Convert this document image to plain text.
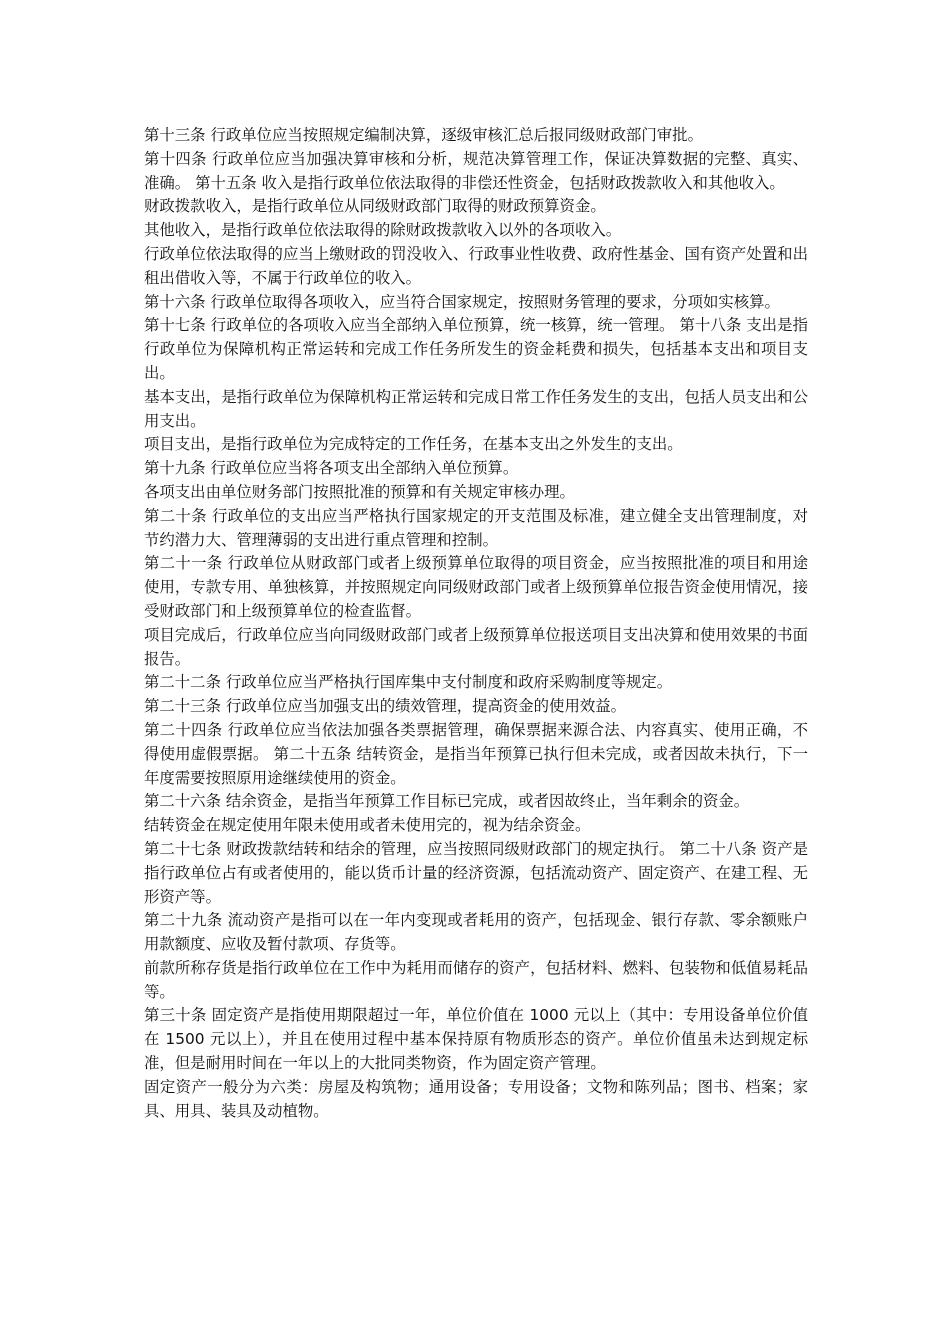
第十三条 行政单位应当按照规定编制决算，逐级审核汇总后报同级财政部门审批。

第十四条 行政单位应当加强决算审核和分析，规范决算管理工作，保证决算数据的完整、真实、准确。 第十五条 收入是指行政单位依法取得的非偿还性资金，包括财政拨款收入和其他收入。

财政拨款收入，是指行政单位从同级财政部门取得的财政预算资金。

其他收入，是指行政单位依法取得的除财政拨款收入以外的各项收入。

行政单位依法取得的应当上缴财政的罚没收入、行政事业性收费、政府性基金、国有资产处置和出租出借收入等，不属于行政单位的收入。

第十六条 行政单位取得各项收入，应当符合国家规定，按照财务管理的要求，分项如实核算。

第十七条 行政单位的各项收入应当全部纳入单位预算，统一核算，统一管理。 第十八条 支出是指行政单位为保障机构正常运转和完成工作任务所发生的资金耗费和损失，包括基本支出和项目支出。

基本支出，是指行政单位为保障机构正常运转和完成日常工作任务发生的支出，包括人员支出和公用支出。

项目支出，是指行政单位为完成特定的工作任务，在基本支出之外发生的支出。

第十九条 行政单位应当将各项支出全部纳入单位预算。

各项支出由单位财务部门按照批准的预算和有关规定审核办理。

第二十条 行政单位的支出应当严格执行国家规定的开支范围及标准，建立健全支出管理制度，对节约潜力大、管理薄弱的支出进行重点管理和控制。

第二十一条 行政单位从财政部门或者上级预算单位取得的项目资金，应当按照批准的项目和用途使用，专款专用、单独核算，并按照规定向同级财政部门或者上级预算单位报告资金使用情况，接受财政部门和上级预算单位的检查监督。

项目完成后，行政单位应当向同级财政部门或者上级预算单位报送项目支出决算和使用效果的书面报告。

第二十二条 行政单位应当严格执行国库集中支付制度和政府采购制度等规定。

第二十三条 行政单位应当加强支出的绩效管理，提高资金的使用效益。

第二十四条 行政单位应当依法加强各类票据管理，确保票据来源合法、内容真实、使用正确，不得使用虚假票据。 第二十五条 结转资金，是指当年预算已执行但未完成，或者因故未执行，下一年度需要按照原用途继续使用的资金。

第二十六条 结余资金，是指当年预算工作目标已完成，或者因故终止，当年剩余的资金。

结转资金在规定使用年限未使用或者未使用完的，视为结余资金。

第二十七条 财政拨款结转和结余的管理，应当按照同级财政部门的规定执行。 第二十八条 资产是指行政单位占有或者使用的，能以货币计量的经济资源，包括流动资产、固定资产、在建工程、无形资产等。

第二十九条 流动资产是指可以在一年内变现或者耗用的资产，包括现金、银行存款、零余额账户用款额度、应收及暂付款项、存货等。

前款所称存货是指行政单位在工作中为耗用而储存的资产，包括材料、燃料、包装物和低值易耗品等。

第三十条 固定资产是指使用期限超过一年，单位价值在 1000 元以上（其中：专用设备单位价值在 1500 元以上），并且在使用过程中基本保持原有物质形态的资产。单位价值虽未达到规定标准，但是耐用时间在一年以上的大批同类物资，作为固定资产管理。

固定资产一般分为六类：房屋及构筑物；通用设备；专用设备；文物和陈列品；图书、档案；家具、用具、装具及动植物。
